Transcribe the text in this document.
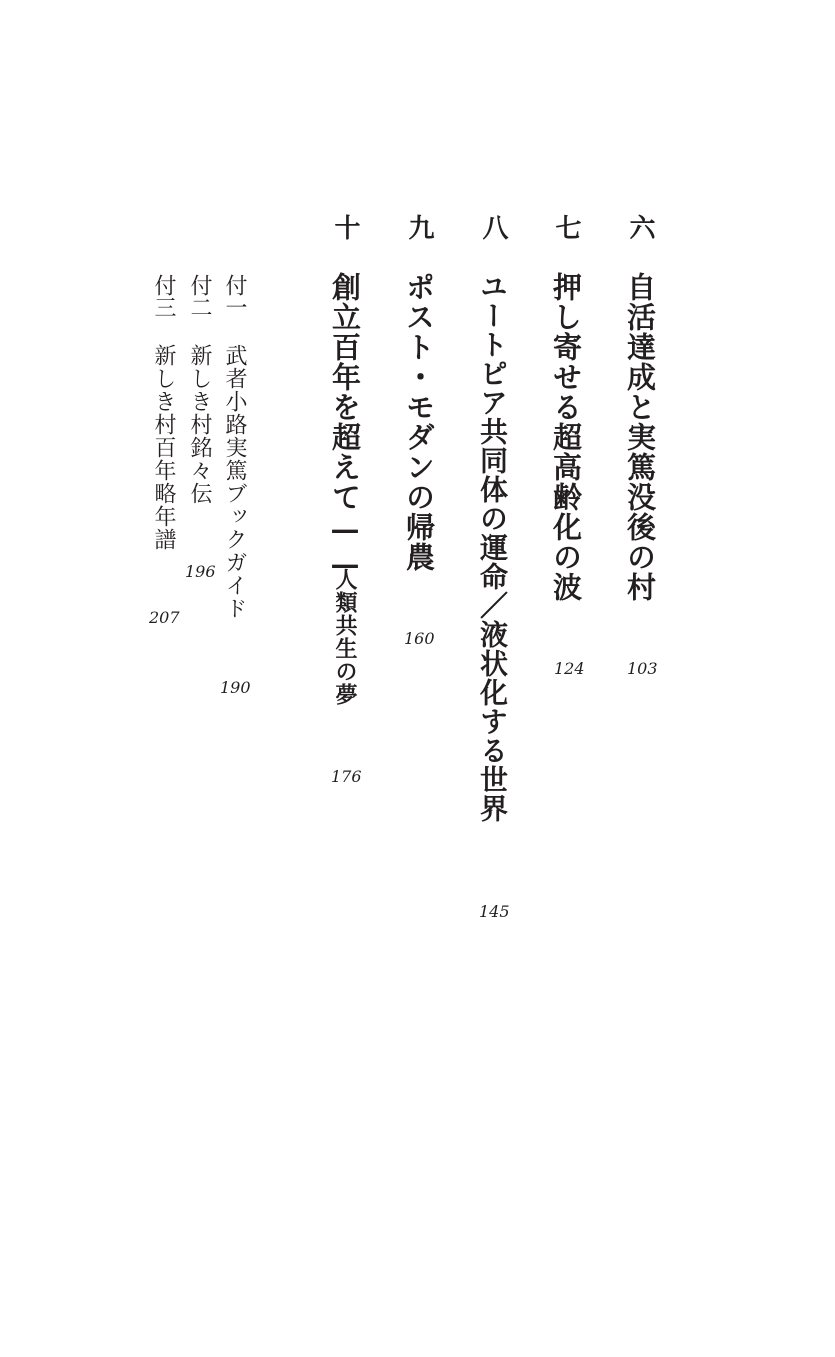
六
自活達成と実篤没後の村
103
七
押し寄せる超高齢化の波
124
八
ユートピア共同体の運命／液状化する世界
145
九
ポスト・モダンの帰農
160
十
創立百年を超えて——
人類共生の夢
176
付一
武者小路実篤ブックガイド
190
付二
新しき村銘々伝
196
付三
新しき村百年略年譜
207
